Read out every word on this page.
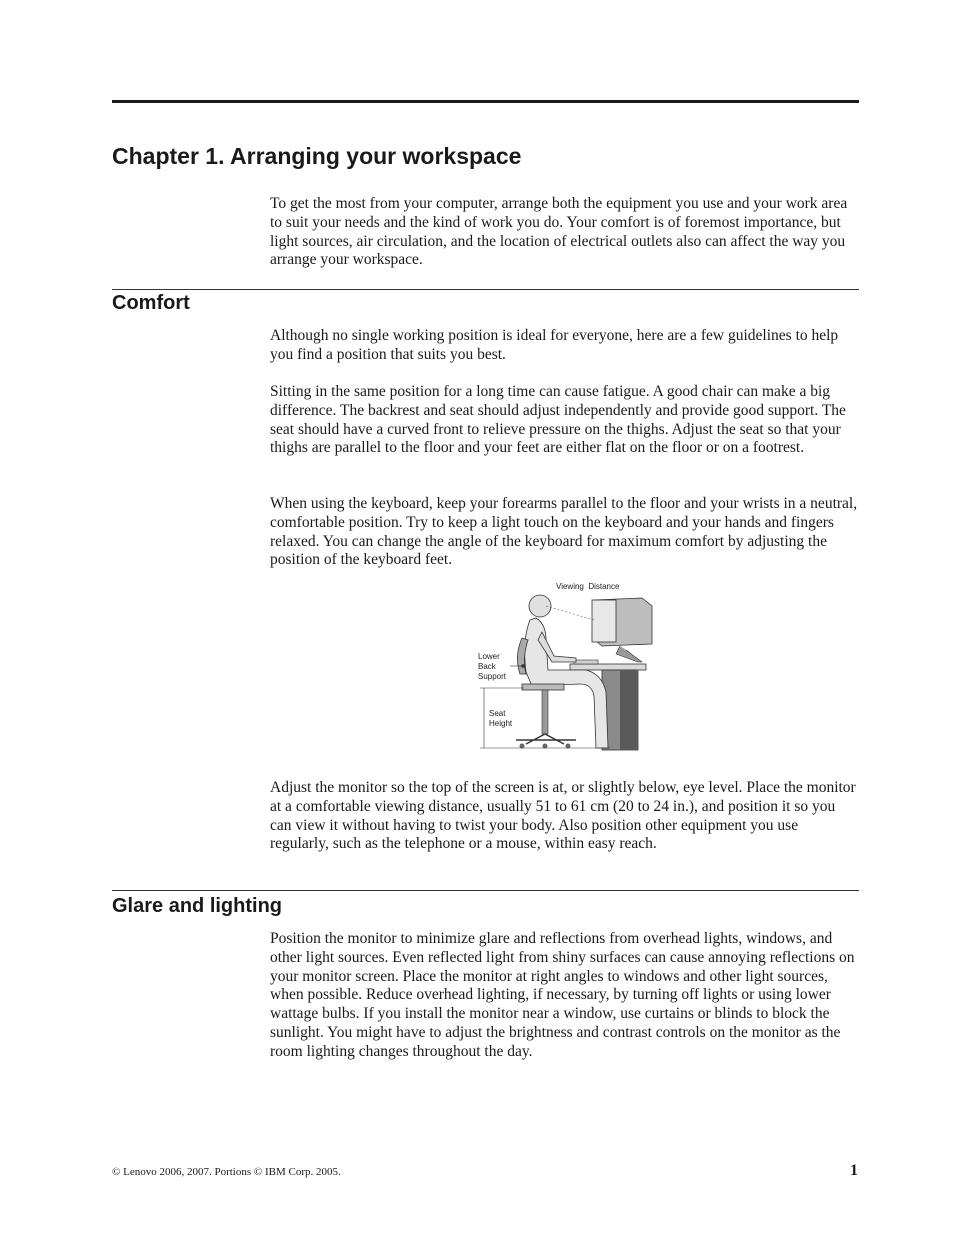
Chapter 1. Arranging your workspace

To get the most from your computer, arrange both the equipment you use and your work area to suit your needs and the kind of work you do. Your comfort is of foremost importance, but light sources, air circulation, and the location of electrical outlets also can affect the way you arrange your workspace.

Comfort

Although no single working position is ideal for everyone, here are a few guidelines to help you find a position that suits you best.

Sitting in the same position for a long time can cause fatigue. A good chair can make a big difference. The backrest and seat should adjust independently and provide good support. The seat should have a curved front to relieve pressure on the thighs. Adjust the seat so that your thighs are parallel to the floor and your feet are either flat on the floor or on a footrest.

When using the keyboard, keep your forearms parallel to the floor and your wrists in a neutral, comfortable position. Try to keep a light touch on the keyboard and your hands and fingers relaxed. You can change the angle of the keyboard for maximum comfort by adjusting the position of the keyboard feet.

Viewing  Distance
Lower
Back
Support
Seat
Height

Adjust the monitor so the top of the screen is at, or slightly below, eye level. Place the monitor at a comfortable viewing distance, usually 51 to 61 cm (20 to 24 in.), and position it so you can view it without having to twist your body. Also position other equipment you use regularly, such as the telephone or a mouse, within easy reach.

Glare and lighting

Position the monitor to minimize glare and reflections from overhead lights, windows, and other light sources. Even reflected light from shiny surfaces can cause annoying reflections on your monitor screen. Place the monitor at right angles to windows and other light sources, when possible. Reduce overhead lighting, if necessary, by turning off lights or using lower wattage bulbs. If you install the monitor near a window, use curtains or blinds to block the sunlight. You might have to adjust the brightness and contrast controls on the monitor as the room lighting changes throughout the day.

© Lenovo 2006, 2007. Portions © IBM Corp. 2005.	1
